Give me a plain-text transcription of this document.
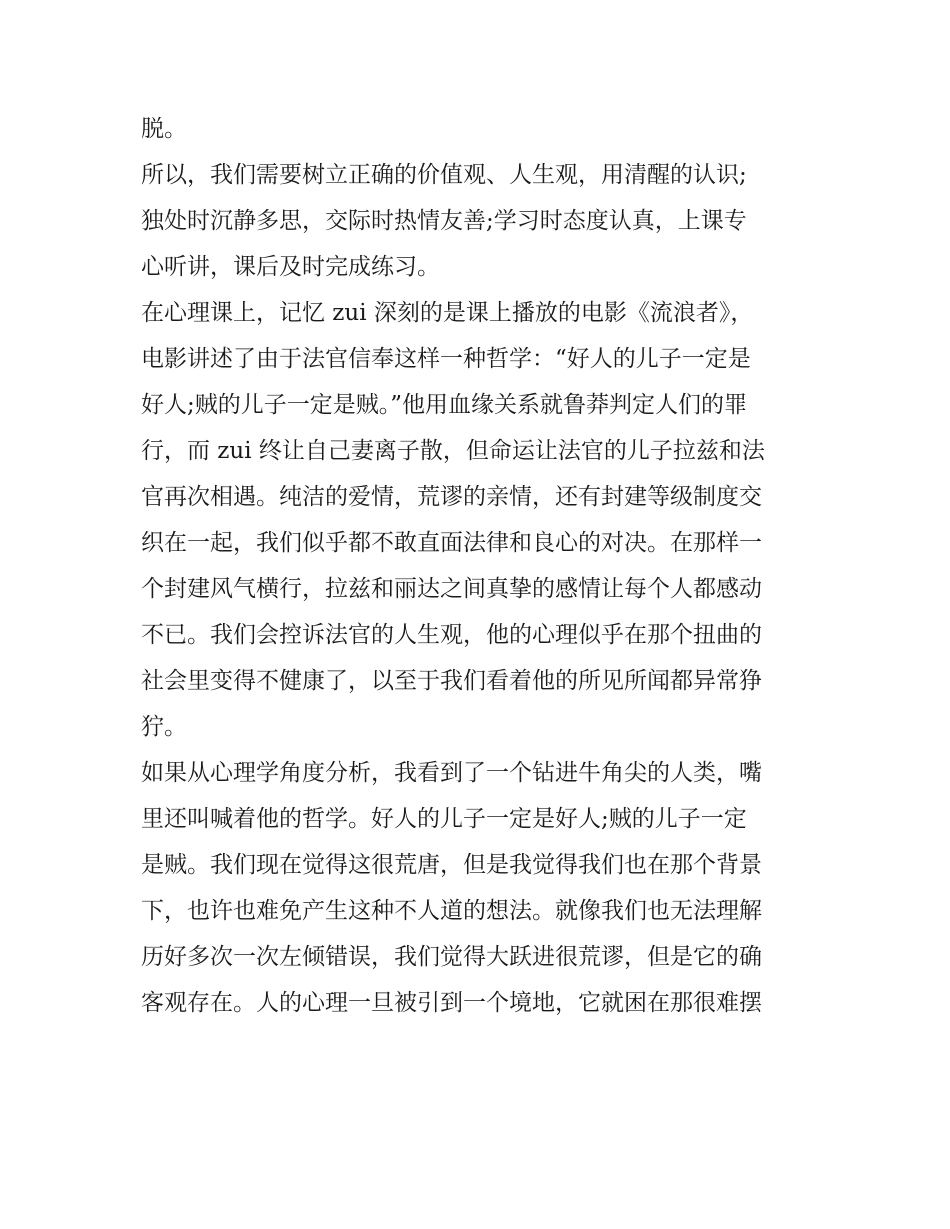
脱。
所以，我们需要树立正确的价值观、人生观，用清醒的认识;
独处时沉静多思，交际时热情友善;学习时态度认真，上课专
心听讲，课后及时完成练习。
在心理课上，记忆 zui 深刻的是课上播放的电影《流浪者》，
电影讲述了由于法官信奉这样一种哲学：“好人的儿子一定是
好人;贼的儿子一定是贼。”他用血缘关系就鲁莽判定人们的罪
行，而 zui 终让自己妻离子散，但命运让法官的儿子拉兹和法
官再次相遇。纯洁的爱情，荒谬的亲情，还有封建等级制度交
织在一起，我们似乎都不敢直面法律和良心的对决。在那样一
个封建风气横行，拉兹和丽达之间真挚的感情让每个人都感动
不已。我们会控诉法官的人生观，他的心理似乎在那个扭曲的
社会里变得不健康了，以至于我们看着他的所见所闻都异常狰
狞。
如果从心理学角度分析，我看到了一个钻进牛角尖的人类，嘴
里还叫喊着他的哲学。好人的儿子一定是好人;贼的儿子一定
是贼。我们现在觉得这很荒唐，但是我觉得我们也在那个背景
下，也许也难免产生这种不人道的想法。就像我们也无法理解
历好多次一次左倾错误，我们觉得大跃进很荒谬，但是它的确
客观存在。人的心理一旦被引到一个境地，它就困在那很难摆
